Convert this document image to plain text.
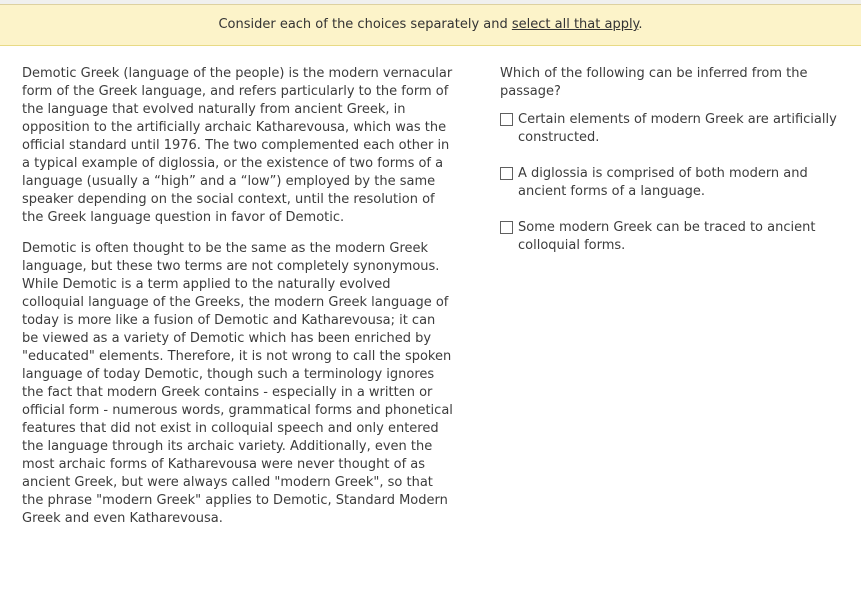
Consider each of the choices separately and select all that apply.

Demotic Greek (language of the people) is the modern vernacular form of the Greek language, and refers particularly to the form of the language that evolved naturally from ancient Greek, in opposition to the artificially archaic Katharevousa, which was the official standard until 1976. The two complemented each other in a typical example of diglossia, or the existence of two forms of a language (usually a “high” and a “low”) employed by the same speaker depending on the social context, until the resolution of the Greek language question in favor of Demotic.

Demotic is often thought to be the same as the modern Greek language, but these two terms are not completely synonymous. While Demotic is a term applied to the naturally evolved colloquial language of the Greeks, the modern Greek language of today is more like a fusion of Demotic and Katharevousa; it can be viewed as a variety of Demotic which has been enriched by "educated" elements. Therefore, it is not wrong to call the spoken language of today Demotic, though such a terminology ignores the fact that modern Greek contains - especially in a written or official form - numerous words, grammatical forms and phonetical features that did not exist in colloquial speech and only entered the language through its archaic variety. Additionally, even the most archaic forms of Katharevousa were never thought of as ancient Greek, but were always called "modern Greek", so that the phrase "modern Greek" applies to Demotic, Standard Modern Greek and even Katharevousa.

Which of the following can be inferred from the passage?
Certain elements of modern Greek are artificially constructed.
A diglossia is comprised of both modern and ancient forms of a language.
Some modern Greek can be traced to ancient colloquial forms.
